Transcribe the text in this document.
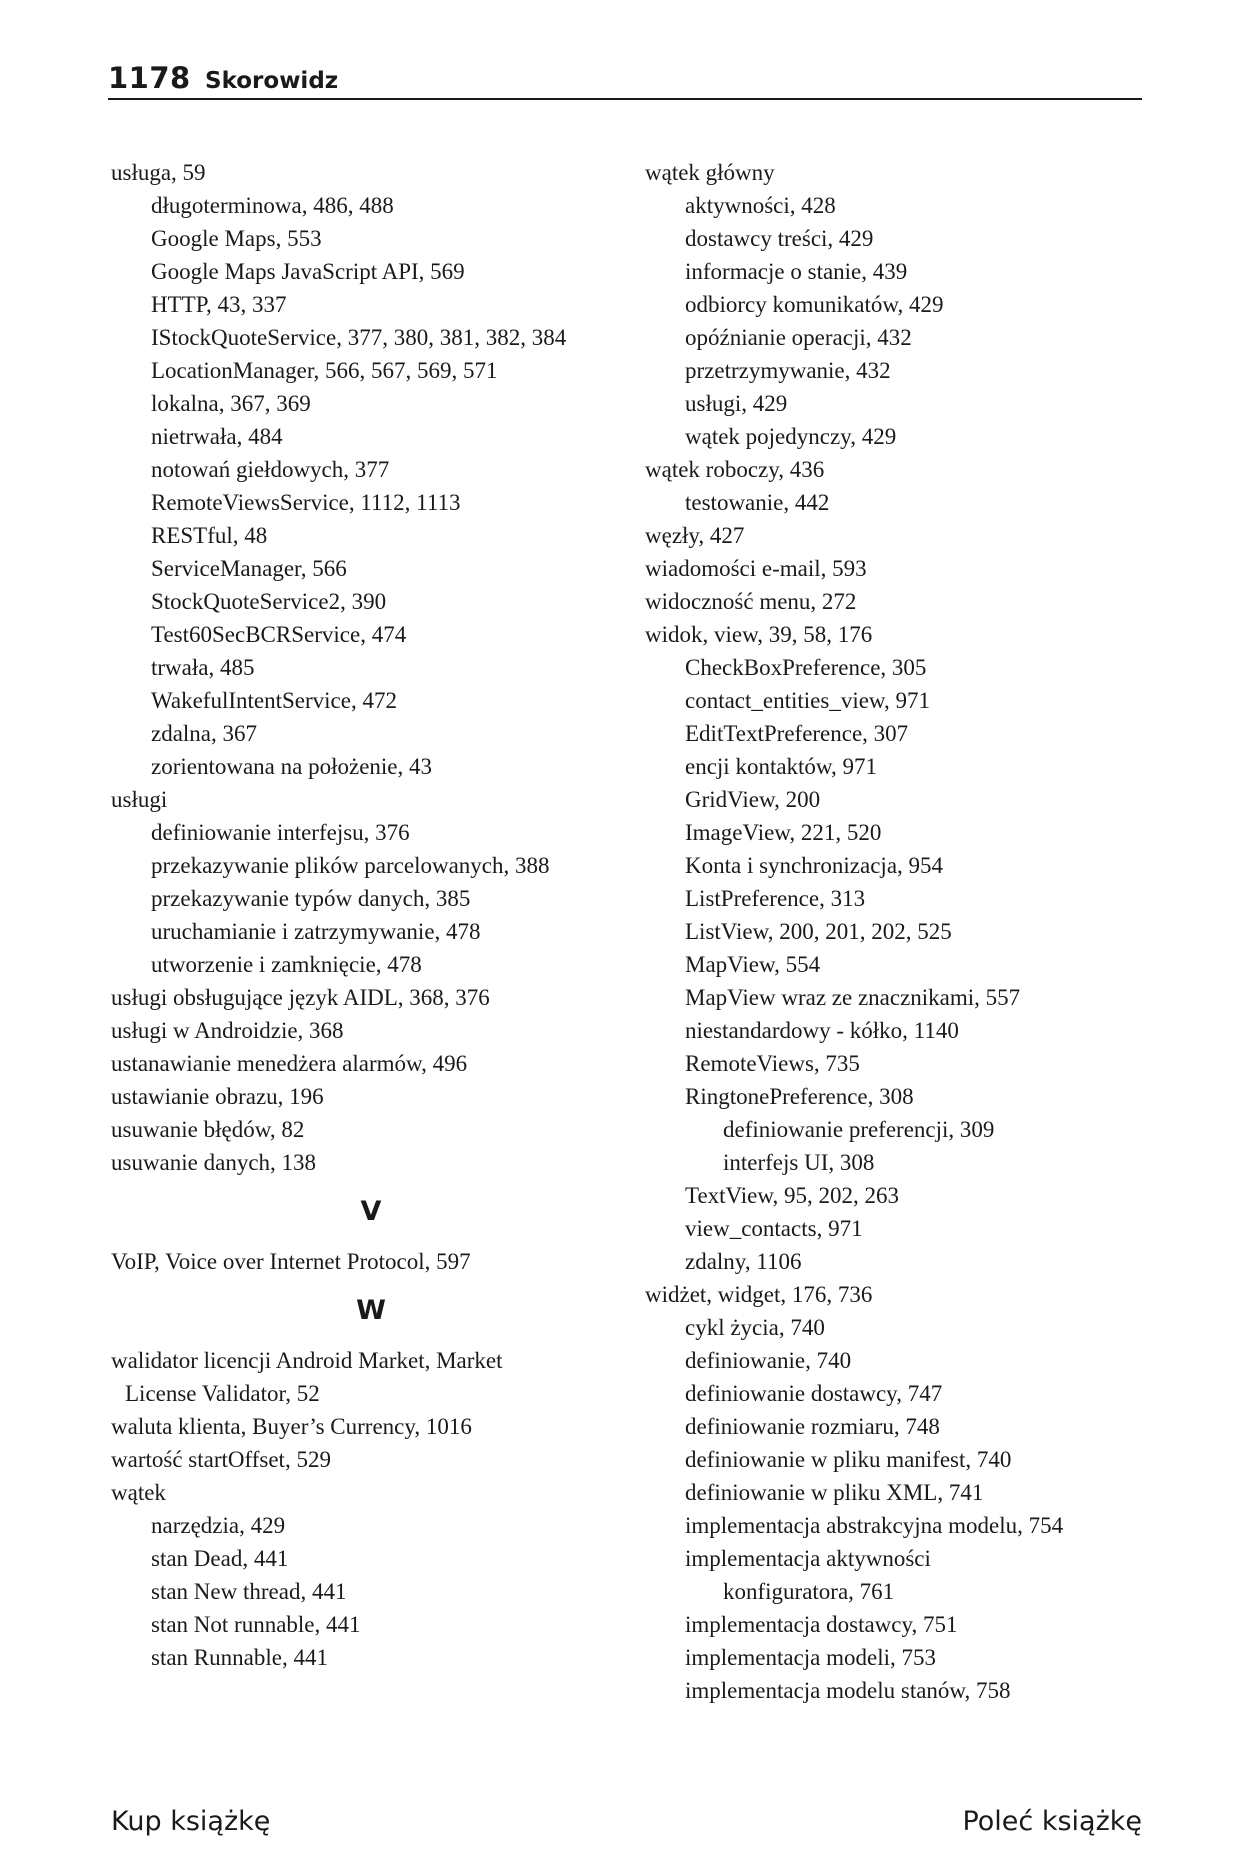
1178 Skorowidz
usługa, 59
długoterminowa, 486, 488
Google Maps, 553
Google Maps JavaScript API, 569
HTTP, 43, 337
IStockQuoteService, 377, 380, 381, 382, 384
LocationManager, 566, 567, 569, 571
lokalna, 367, 369
nietrwała, 484
notowań giełdowych, 377
RemoteViewsService, 1112, 1113
RESTful, 48
ServiceManager, 566
StockQuoteService2, 390
Test60SecBCRService, 474
trwała, 485
WakefulIntentService, 472
zdalna, 367
zorientowana na położenie, 43
usługi
definiowanie interfejsu, 376
przekazywanie plików parcelowanych, 388
przekazywanie typów danych, 385
uruchamianie i zatrzymywanie, 478
utworzenie i zamknięcie, 478
usługi obsługujące język AIDL, 368, 376
usługi w Androidzie, 368
ustanawianie menedżera alarmów, 496
ustawianie obrazu, 196
usuwanie błędów, 82
usuwanie danych, 138
V
VoIP, Voice over Internet Protocol, 597
W
walidator licencji Android Market, Market
License Validator, 52
waluta klienta, Buyer’s Currency, 1016
wartość startOffset, 529
wątek
narzędzia, 429
stan Dead, 441
stan New thread, 441
stan Not runnable, 441
stan Runnable, 441
wątek główny
aktywności, 428
dostawcy treści, 429
informacje o stanie, 439
odbiorcy komunikatów, 429
opóźnianie operacji, 432
przetrzymywanie, 432
usługi, 429
wątek pojedynczy, 429
wątek roboczy, 436
testowanie, 442
węzły, 427
wiadomości e-mail, 593
widoczność menu, 272
widok, view, 39, 58, 176
CheckBoxPreference, 305
contact_entities_view, 971
EditTextPreference, 307
encji kontaktów, 971
GridView, 200
ImageView, 221, 520
Konta i synchronizacja, 954
ListPreference, 313
ListView, 200, 201, 202, 525
MapView, 554
MapView wraz ze znacznikami, 557
niestandardowy - kółko, 1140
RemoteViews, 735
RingtonePreference, 308
definiowanie preferencji, 309
interfejs UI, 308
TextView, 95, 202, 263
view_contacts, 971
zdalny, 1106
widżet, widget, 176, 736
cykl życia, 740
definiowanie, 740
definiowanie dostawcy, 747
definiowanie rozmiaru, 748
definiowanie w pliku manifest, 740
definiowanie w pliku XML, 741
implementacja abstrakcyjna modelu, 754
implementacja aktywności
konfiguratora, 761
implementacja dostawcy, 751
implementacja modeli, 753
implementacja modelu stanów, 758
Kup książkę	Poleć książkę
